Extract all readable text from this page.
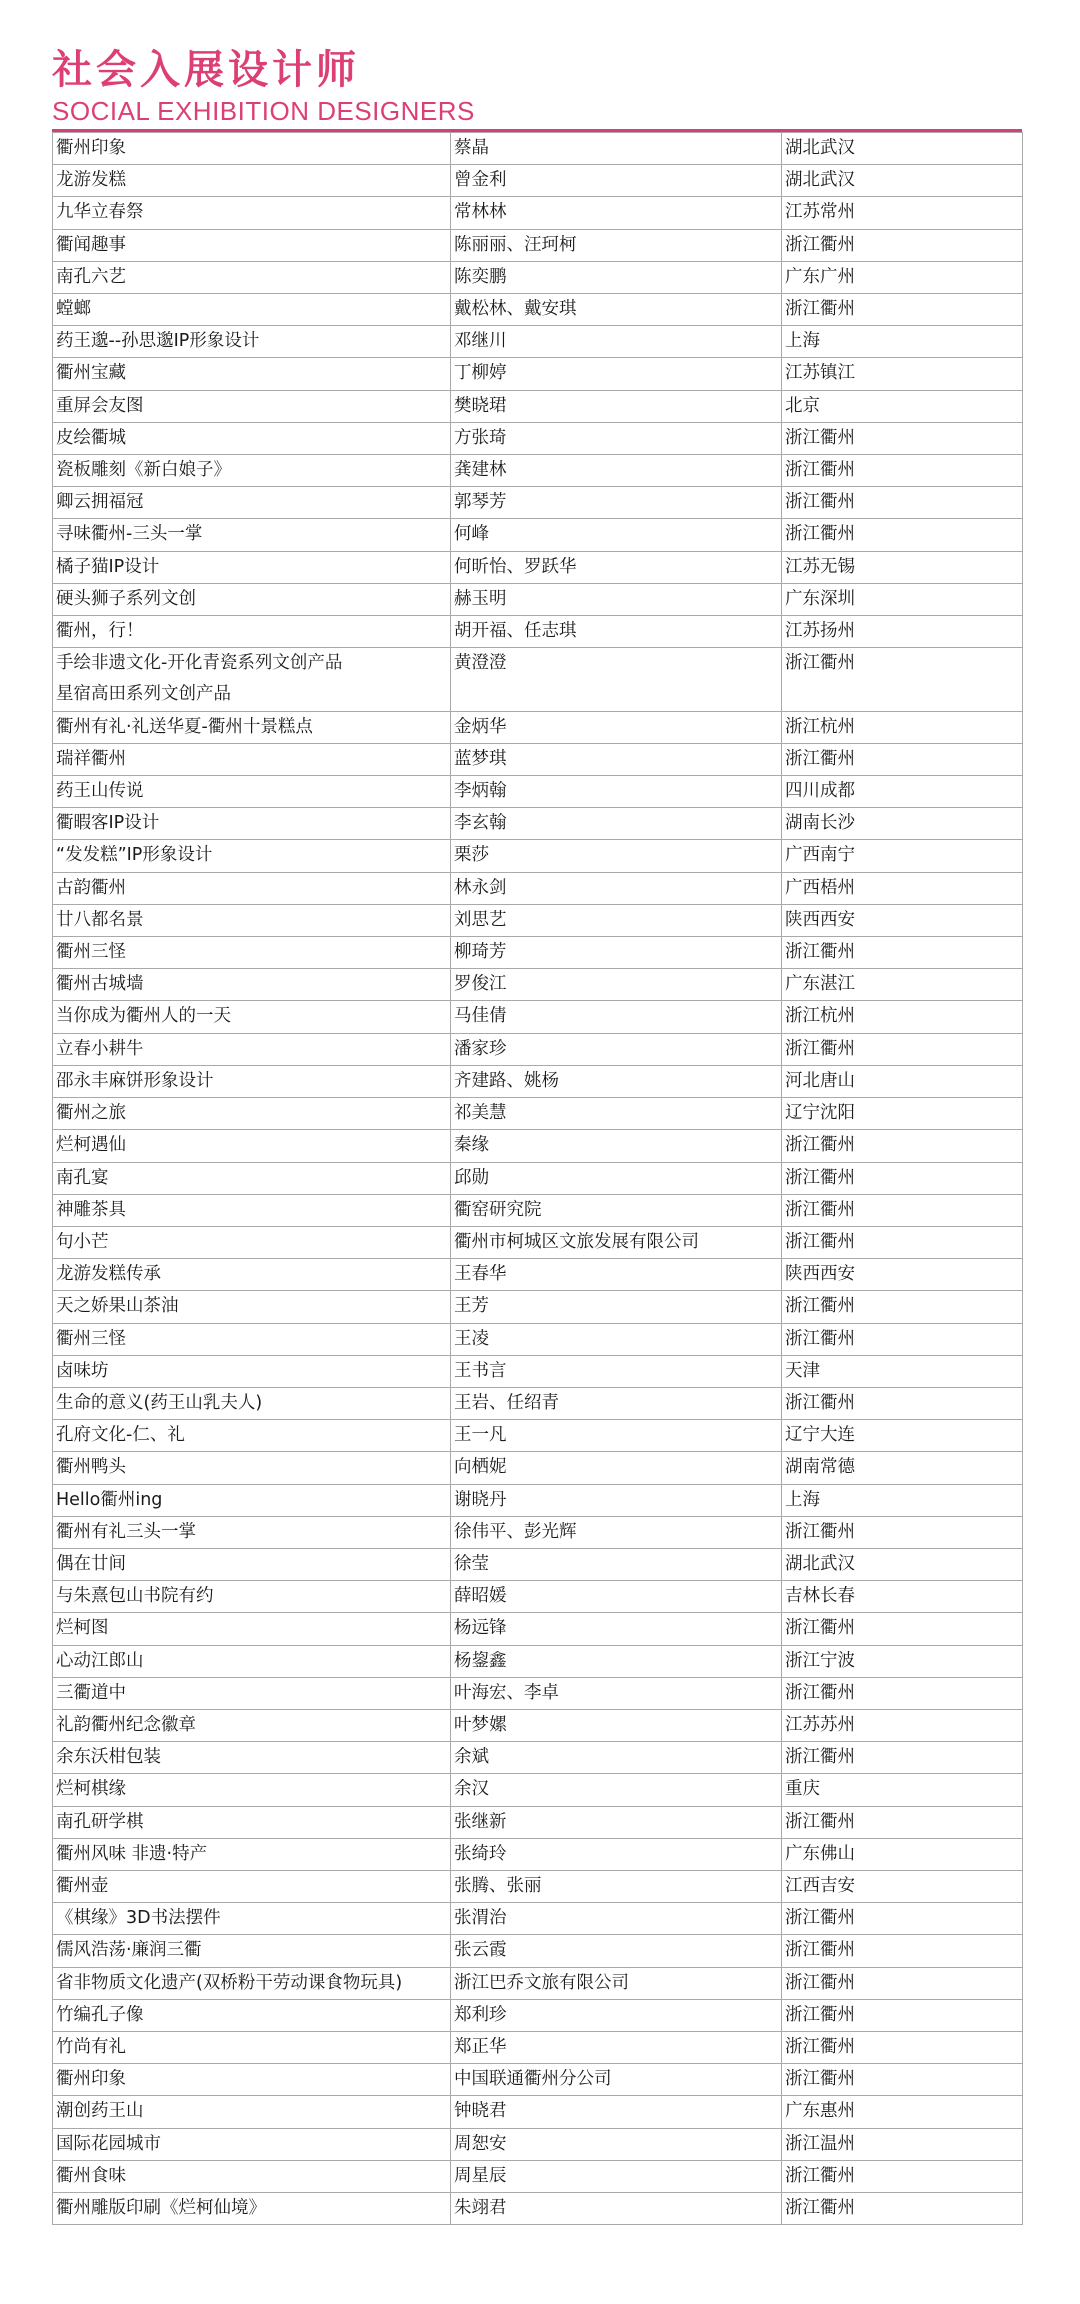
社会入展设计师
SOCIAL EXHIBITION DESIGNERS
衢州印象	蔡晶	湖北武汉

龙游发糕	曾金利	湖北武汉

九华立春祭	常林林	江苏常州

衢闻趣事	陈丽丽、汪珂柯	浙江衢州

南孔六艺	陈奕鹏	广东广州

螳螂	戴松林、戴安琪	浙江衢州

药王邈--孙思邈IP形象设计	邓继川	上海

衢州宝藏	丁柳婷	江苏镇江

重屏会友图	樊晓珺	北京

皮绘衢城	方张琦	浙江衢州

瓷板雕刻《新白娘子》	龚建林	浙江衢州

卿云拥福冠	郭琴芳	浙江衢州

寻味衢州-三头一掌	何峰	浙江衢州

橘子猫IP设计	何昕怡、罗跃华	江苏无锡

硬头狮子系列文创	赫玉明	广东深圳

衢州，行！	胡开福、任志琪	江苏扬州

手绘非遗文化-开化青瓷系列文创产品
星宿高田系列文创产品	黄澄澄	浙江衢州

衢州有礼·礼送华夏-衢州十景糕点	金炳华	浙江杭州

瑞祥衢州	蓝梦琪	浙江衢州

药王山传说	李炳翰	四川成都

衢暇客IP设计	李玄翰	湖南长沙

“发发糕”IP形象设计	栗莎	广西南宁

古韵衢州	林永剑	广西梧州

廿八都名景	刘思艺	陕西西安

衢州三怪	柳琦芳	浙江衢州

衢州古城墙	罗俊江	广东湛江

当你成为衢州人的一天	马佳倩	浙江杭州

立春小耕牛	潘家珍	浙江衢州

邵永丰麻饼形象设计	齐建路、姚杨	河北唐山

衢州之旅	祁美慧	辽宁沈阳

烂柯遇仙	秦缘	浙江衢州

南孔宴	邱勋	浙江衢州

神雕茶具	衢窑研究院	浙江衢州

句小芒	衢州市柯城区文旅发展有限公司	浙江衢州

龙游发糕传承	王春华	陕西西安

天之娇果山茶油	王芳	浙江衢州

衢州三怪	王凌	浙江衢州

卤味坊	王书言	天津

生命的意义(药王山乳夫人)	王岩、任绍青	浙江衢州

孔府文化-仁、礼	王一凡	辽宁大连

衢州鸭头	向栖妮	湖南常德

Hello衢州ing	谢晓丹	上海

衢州有礼三头一掌	徐伟平、彭光辉	浙江衢州

偶在廿间	徐莹	湖北武汉

与朱熹包山书院有约	薛昭媛	吉林长春

烂柯图	杨远锋	浙江衢州

心动江郎山	杨鋆鑫	浙江宁波

三衢道中	叶海宏、李卓	浙江衢州

礼韵衢州纪念徽章	叶梦嫘	江苏苏州

余东沃柑包装	余斌	浙江衢州

烂柯棋缘	余汉	重庆

南孔研学棋	张继新	浙江衢州

衢州风味 非遗·特产	张绮玲	广东佛山

衢州壶	张腾、张丽	江西吉安

《棋缘》3D书法摆件	张渭治	浙江衢州

儒风浩荡·廉润三衢	张云霞	浙江衢州

省非物质文化遗产(双桥粉干劳动课食物玩具)	浙江巴乔文旅有限公司	浙江衢州

竹编孔子像	郑利珍	浙江衢州

竹尚有礼	郑正华	浙江衢州

衢州印象	中国联通衢州分公司	浙江衢州

潮创药王山	钟晓君	广东惠州

国际花园城市	周恕安	浙江温州

衢州食味	周星辰	浙江衢州

衢州雕版印刷《烂柯仙境》	朱翊君	浙江衢州
